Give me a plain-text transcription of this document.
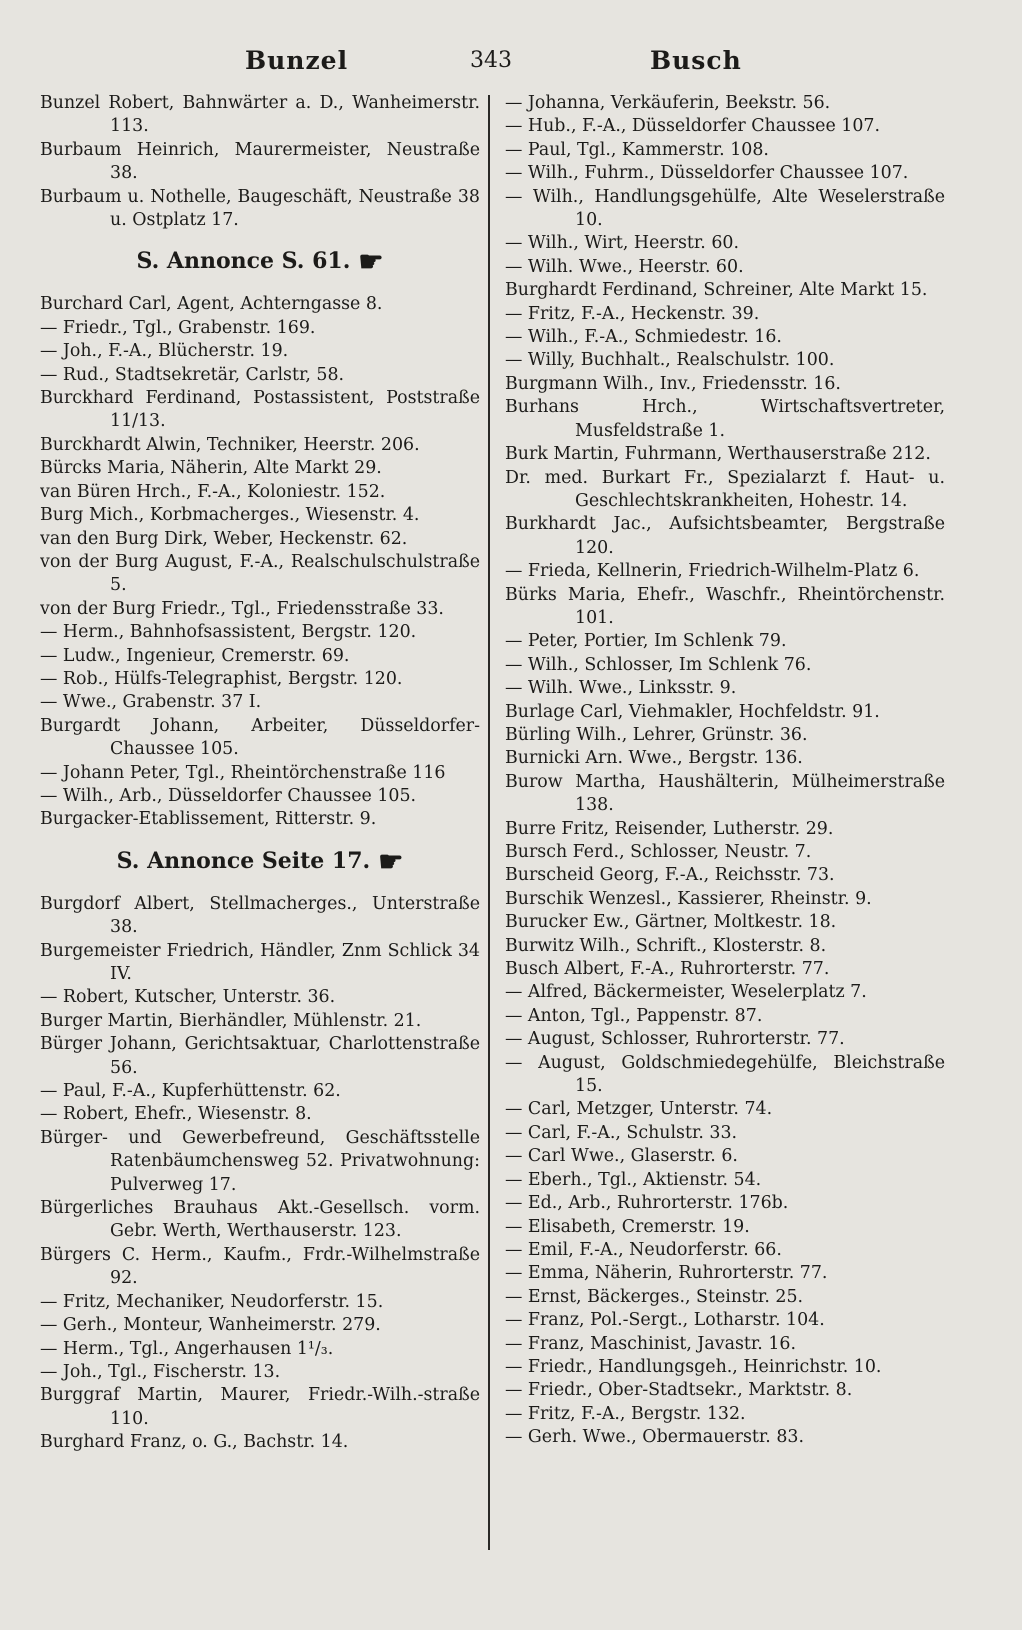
Bunzel	343	Busch
Bunzel Robert, Bahnwärter a. D., Wanheimerstr. 113.
Burbaum Heinrich, Maurermeister, Neustraße 38.
Burbaum u. Nothelle, Baugeschäft, Neustraße 38 u. Ostplatz 17.
S. Annonce S. 61. ☛
Burchard Carl, Agent, Achterngasse 8.
— Friedr., Tgl., Grabenstr. 169.
— Joh., F.-A., Blücherstr. 19.
— Rud., Stadtsekretär, Carlstr, 58.
Burckhard Ferdinand, Postassistent, Poststraße 11/13.
Burckhardt Alwin, Techniker, Heerstr. 206.
Bürcks Maria, Näherin, Alte Markt 29.
van Büren Hrch., F.-A., Koloniestr. 152.
Burg Mich., Korbmacherges., Wiesenstr. 4.
van den Burg Dirk, Weber, Heckenstr. 62.
von der Burg August, F.-A., Realschulschulstraße 5.
von der Burg Friedr., Tgl., Friedensstraße 33.
— Herm., Bahnhofsassistent, Bergstr. 120.
— Ludw., Ingenieur, Cremerstr. 69.
— Rob., Hülfs-Telegraphist, Bergstr. 120.
— Wwe., Grabenstr. 37 I.
Burgardt Johann, Arbeiter, Düsseldorfer-Chaussee 105.
— Johann Peter, Tgl., Rheintörchenstraße 116
— Wilh., Arb., Düsseldorfer Chaussee 105.
Burgacker-Etablissement, Ritterstr. 9.
S. Annonce Seite 17. ☛
Burgdorf Albert, Stellmacherges., Unterstraße 38.
Burgemeister Friedrich, Händler, Znm Schlick 34 IV.
— Robert, Kutscher, Unterstr. 36.
Burger Martin, Bierhändler, Mühlenstr. 21.
Bürger Johann, Gerichtsaktuar, Charlottenstraße 56.
— Paul, F.-A., Kupferhüttenstr. 62.
— Robert, Ehefr., Wiesenstr. 8.
Bürger- und Gewerbefreund, Geschäftsstelle Ratenbäumchensweg 52. Privatwohnung: Pulverweg 17.
Bürgerliches Brauhaus Akt.-Gesellsch. vorm. Gebr. Werth, Werthauserstr. 123.
Bürgers C. Herm., Kaufm., Frdr.-Wilhelmstraße 92.
— Fritz, Mechaniker, Neudorferstr. 15.
— Gerh., Monteur, Wanheimerstr. 279.
— Herm., Tgl., Angerhausen 1¹/₃.
— Joh., Tgl., Fischerstr. 13.
Burggraf Martin, Maurer, Friedr.-Wilh.-straße 110.
Burghard Franz, o. G., Bachstr. 14.
— Johanna, Verkäuferin, Beekstr. 56.
— Hub., F.-A., Düsseldorfer Chaussee 107.
— Paul, Tgl., Kammerstr. 108.
— Wilh., Fuhrm., Düsseldorfer Chaussee 107.
— Wilh., Handlungsgehülfe, Alte Weselerstraße 10.
— Wilh., Wirt, Heerstr. 60.
— Wilh. Wwe., Heerstr. 60.
Burghardt Ferdinand, Schreiner, Alte Markt 15.
— Fritz, F.-A., Heckenstr. 39.
— Wilh., F.-A., Schmiedestr. 16.
— Willy, Buchhalt., Realschulstr. 100.
Burgmann Wilh., Inv., Friedensstr. 16.
Burhans Hrch., Wirtschaftsvertreter, Musfeldstraße 1.
Burk Martin, Fuhrmann, Werthauserstraße 212.
Dr. med. Burkart Fr., Spezialarzt f. Haut- u. Geschlechtskrankheiten, Hohestr. 14.
Burkhardt Jac., Aufsichtsbeamter, Bergstraße 120.
— Frieda, Kellnerin, Friedrich-Wilhelm-Platz 6.
Bürks Maria, Ehefr., Waschfr., Rheintörchenstr. 101.
— Peter, Portier, Im Schlenk 79.
— Wilh., Schlosser, Im Schlenk 76.
— Wilh. Wwe., Linksstr. 9.
Burlage Carl, Viehmakler, Hochfeldstr. 91.
Bürling Wilh., Lehrer, Grünstr. 36.
Burnicki Arn. Wwe., Bergstr. 136.
Burow Martha, Haushälterin, Mülheimerstraße 138.
Burre Fritz, Reisender, Lutherstr. 29.
Bursch Ferd., Schlosser, Neustr. 7.
Burscheid Georg, F.-A., Reichsstr. 73.
Burschik Wenzesl., Kassierer, Rheinstr. 9.
Burucker Ew., Gärtner, Moltkestr. 18.
Burwitz Wilh., Schrift., Klosterstr. 8.
Busch Albert, F.-A., Ruhrorterstr. 77.
— Alfred, Bäckermeister, Weselerplatz 7.
— Anton, Tgl., Pappenstr. 87.
— August, Schlosser, Ruhrorterstr. 77.
— August, Goldschmiedegehülfe, Bleichstraße 15.
— Carl, Metzger, Unterstr. 74.
— Carl, F.-A., Schulstr. 33.
— Carl Wwe., Glaserstr. 6.
— Eberh., Tgl., Aktienstr. 54.
— Ed., Arb., Ruhrorterstr. 176b.
— Elisabeth, Cremerstr. 19.
— Emil, F.-A., Neudorferstr. 66.
— Emma, Näherin, Ruhrorterstr. 77.
— Ernst, Bäckerges., Steinstr. 25.
— Franz, Pol.-Sergt., Lotharstr. 104.
— Franz, Maschinist, Javastr. 16.
— Friedr., Handlungsgeh., Heinrichstr. 10.
— Friedr., Ober-Stadtsekr., Marktstr. 8.
— Fritz, F.-A., Bergstr. 132.
— Gerh. Wwe., Obermauerstr. 83.
